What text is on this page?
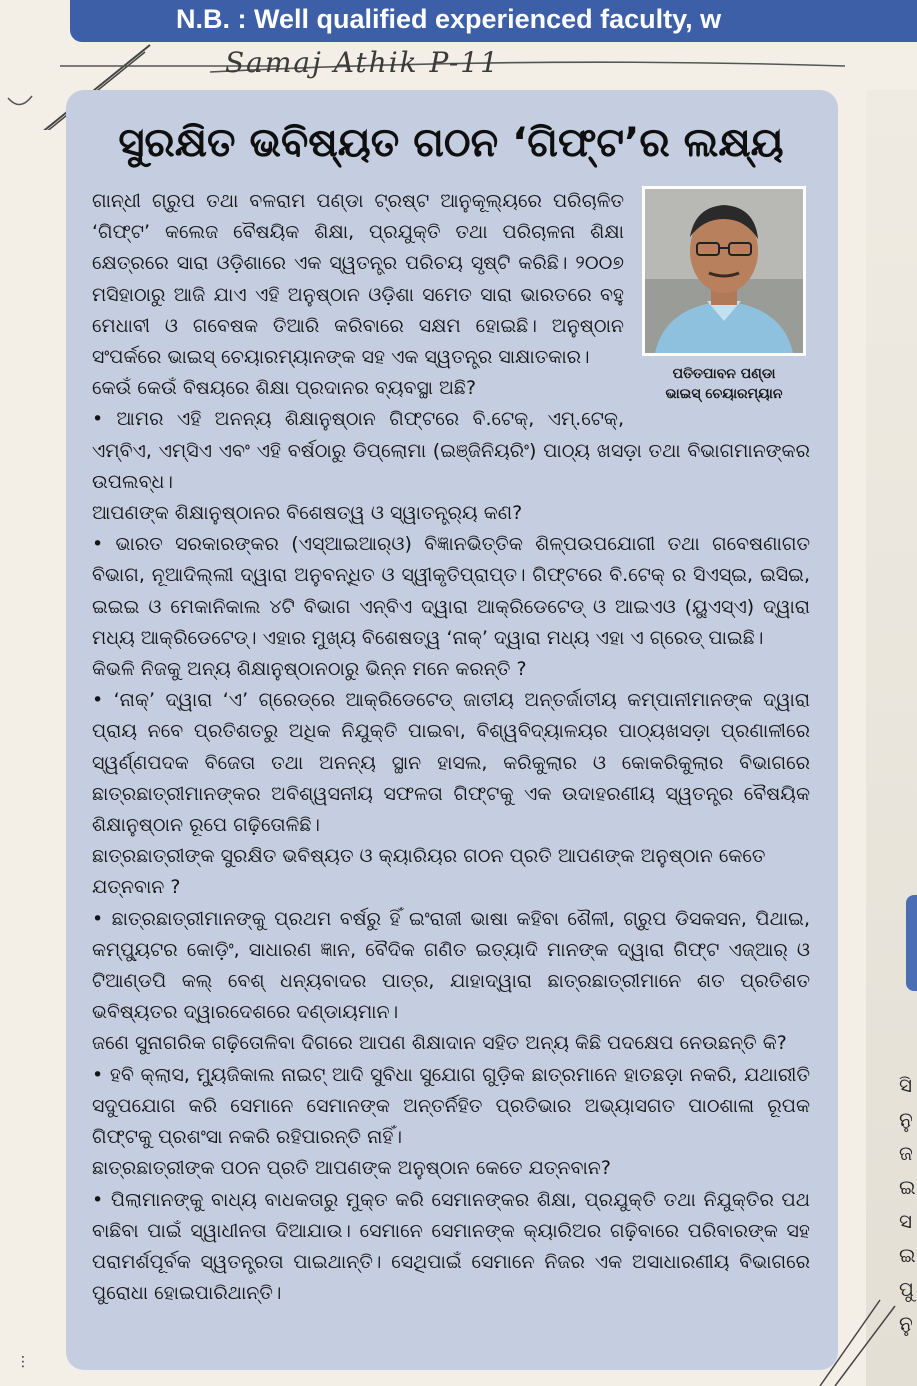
N.B. : Well qualified experienced faculty, w
Samaj Athik P-11
ସି
ନୁ
ଜ
ଇ
ସ
ଇ
ପୁ
ନୁ
ସୁରକ୍ଷିତ ଭବିଷ୍ୟତ ଗଠନ ‘ଗିଫ୍ଟ’ର ଲକ୍ଷ୍ୟ
ପତିତପାବନ ପଣ୍ଡା
ଭାଇସ୍ ଚେୟାରମ୍ୟାନ

ଗାନ୍ଧୀ ଗ୍ରୁପ ତଥା ବଳରାମ ପଣ୍ଡା ଟ୍ରଷ୍ଟ ଆନୁକୂଲ୍ୟରେ ପରିଚାଳିତ ‘ଗିଫ୍ଟ’ କଲେଜ ବୈଷୟିକ ଶିକ୍ଷା, ପ୍ରଯୁକ୍ତି ତଥା ପରିଚାଳନା ଶିକ୍ଷା କ୍ଷେତ୍ରରେ ସାରା ଓଡ଼ିଶାରେ ଏକ ସ୍ୱତନ୍ତ୍ର ପରିଚୟ ସୃଷ୍ଟି କରିଛି। ୨୦୦୭ ମସିହାଠାରୁ ଆଜି ଯାଏ ଏହି ଅନୁଷ୍ଠାନ ଓଡ଼ିଶା ସମେତ ସାରା ଭାରତରେ ବହୁ ମେଧାବୀ ଓ ଗବେଷକ ତିଆରି କରିବାରେ ସକ୍ଷମ ହୋଇଛି। ଅନୁଷ୍ଠାନ ସଂପର୍କରେ ଭାଇସ୍ ଚେୟାରମ୍ୟାନଙ୍କ ସହ ଏକ ସ୍ୱତନ୍ତ୍ର ସାକ୍ଷାତକାର।

କେଉଁ କେଉଁ ବିଷୟରେ ଶିକ୍ଷା ପ୍ରଦାନର ବ୍ୟବସ୍ଥା ଅଛି?

• ଆମର ଏହି ଅନନ୍ୟ ଶିକ୍ଷାନୁଷ୍ଠାନ ଗିଫ୍ଟରେ ବି.ଟେକ୍, ଏମ୍.ଟେକ୍, ଏମ୍‌ବିଏ, ଏମ୍‌ସିଏ ଏବଂ ଏହି ବର୍ଷଠାରୁ ଡିପ୍ଲୋମା (ଇଞ୍ଜିନିୟରିଂ) ପାଠ୍ୟ ଖସଡ଼ା ତଥା ବିଭାଗମାନଙ୍କର ଉପଲବ୍ଧ।

ଆପଣଙ୍କ ଶିକ୍ଷାନୁଷ୍ଠାନର ବିଶେଷତ୍ୱ ଓ ସ୍ୱାତନ୍ତ୍ର୍ୟ କଣ?

• ଭାରତ ସରକାରଙ୍କର (ଏସ୍‌ଆଇଆର୍‌ଓ) ବିଜ୍ଞାନଭିତ୍ତିକ ଶିଳ୍ପଉପଯୋଗୀ ତଥା ଗବେଷଣାଗତ ବିଭାଗ, ନୂଆଦିଲ୍ଲୀ ଦ୍ୱାରା ଅନୁବନ୍ଧିତ ଓ ସ୍ୱୀକୃତିପ୍ରାପ୍ତ। ଗିଫ୍ଟରେ ବି.ଟେକ୍ ର ସିଏସ୍‌ଇ, ଇସିଇ, ଇଇଇ ଓ ମେକାନିକାଲ ୪ଟି ବିଭାଗ ଏନ୍‌ବିଏ ଦ୍ୱାରା ଆକ୍ରିଡେଟେଡ୍ ଓ ଆଇଏଓ (ୟୁଏସ୍‌ଏ) ଦ୍ୱାରା ମଧ୍ୟ ଆକ୍ରିଡେଟେଡ୍। ଏହାର ମୁଖ୍ୟ ବିଶେଷତ୍ୱ ‘ନାକ୍’ ଦ୍ୱାରା ମଧ୍ୟ ଏହା ଏ ଗ୍ରେଡ୍ ପାଇଛି।

କିଭଳି ନିଜକୁ ଅନ୍ୟ ଶିକ୍ଷାନୁଷ୍ଠାନଠାରୁ ଭିନ୍ନ ମନେ କରନ୍ତି ?

• ‘ନାକ୍’ ଦ୍ୱାରା ‘ଏ’ ଗ୍ରେଡ୍‌ରେ ଆକ୍ରିଡେଟେଡ୍ ଜାତୀୟ ଅନ୍ତର୍ଜାତୀୟ କମ୍ପାନୀମାନଙ୍କ ଦ୍ୱାରା ପ୍ରାୟ ନବେ ପ୍ରତିଶତରୁ ଅଧିକ ନିଯୁକ୍ତି ପାଇବା, ବିଶ୍ୱବିଦ୍ୟାଳୟର ପାଠ୍ୟଖସଡ଼ା ପ୍ରଣାଳୀରେ ସ୍ୱର୍ଣ୍ଣପଦକ ବିଜେତା ତଥା ଅନନ୍ୟ ସ୍ଥାନ ହାସଲ, କରିକୁଲାର ଓ କୋକରିକୁଲାର ବିଭାଗରେ ଛାତ୍ରଛାତ୍ରୀମାନଙ୍କର ଅବିଶ୍ୱସନୀୟ ସଫଳତା ଗିଫ୍ଟକୁ ଏକ ଉଦାହରଣୀୟ ସ୍ୱତନ୍ତ୍ର ବୈଷୟିକ ଶିକ୍ଷାନୁଷ୍ଠାନ ରୂପେ ଗଢ଼ିତୋଳିଛି।

ଛାତ୍ରଛାତ୍ରୀଙ୍କ ସୁରକ୍ଷିତ ଭବିଷ୍ୟତ ଓ କ୍ୟାରିୟର ଗଠନ ପ୍ରତି ଆପଣଙ୍କ ଅନୁଷ୍ଠାନ କେତେ ଯତ୍ନବାନ ?

• ଛାତ୍ରଛାତ୍ରୀମାନଙ୍କୁ ପ୍ରଥମ ବର୍ଷରୁ ହିଁ ଇଂରାଜୀ ଭାଷା କହିବା ଶୈଳୀ, ଗ୍ରୁପ ଡିସକସନ, ପିଥାଇ, କମ୍ପ୍ୟୁଟର କୋଡ଼ିଂ, ସାଧାରଣ ଜ୍ଞାନ, ବୈଦିକ ଗଣିତ ଇତ୍ୟାଦି ମାନଙ୍କ ଦ୍ୱାରା ଗିଫ୍ଟ ଏଜ୍‌ଆର୍ ଓ ଟିଆଣ୍ଡପି କଲ୍ ବେଶ୍ ଧନ୍ୟବାଦର ପାତ୍ର, ଯାହାଦ୍ୱାରା ଛାତ୍ରଛାତ୍ରୀମାନେ ଶତ ପ୍ରତିଶତ ଭବିଷ୍ୟତର ଦ୍ୱାରଦେଶରେ ଦଣ୍ଡାୟମାନ।

ଜଣେ ସୁନାଗରିକ ଗଢ଼ିତୋଳିବା ଦିଗରେ ଆପଣ ଶିକ୍ଷାଦାନ ସହିତ ଅନ୍ୟ କିଛି ପଦକ୍ଷେପ ନେଉଛନ୍ତି କି?

• ହବି କ୍ଲାସ, ମ୍ୟୁଜିକାଲ ନାଇଟ୍ ଆଦି ସୁବିଧା ସୁଯୋଗ ଗୁଡ଼ିକ ଛାତ୍ରମାନେ ହାତଛଡ଼ା ନକରି, ଯଥାରୀତି ସଦୁପଯୋଗ କରି ସେମାନେ ସେମାନଙ୍କ ଅନ୍ତର୍ନିହିତ ପ୍ରତିଭାର ଅଭ୍ୟାସଗତ ପାଠଶାଳା ରୂପକ ଗିଫ୍ଟକୁ ପ୍ରଶଂସା ନକରି ରହିପାରନ୍ତି ନାହିଁ।

ଛାତ୍ରଛାତ୍ରୀଙ୍କ ପଠନ ପ୍ରତି ଆପଣଙ୍କ ଅନୁଷ୍ଠାନ କେତେ ଯତ୍ନବାନ?

• ପିଲାମାନଙ୍କୁ ବାଧ୍ୟ ବାଧକତାରୁ ମୁକ୍ତ କରି ସେମାନଙ୍କର ଶିକ୍ଷା, ପ୍ରଯୁକ୍ତି ତଥା ନିଯୁକ୍ତିର ପଥ ବାଛିବା ପାଇଁ ସ୍ୱାଧୀନତା ଦିଆଯାଉ। ସେମାନେ ସେମାନଙ୍କ କ୍ୟାରିଅର ଗଢ଼ିବାରେ ପରିବାରଙ୍କ ସହ ପରାମର୍ଶପୂର୍ବକ ସ୍ୱତନ୍ତ୍ରତା ପାଇଥାନ୍ତି। ସେଥିପାଇଁ ସେମାନେ ନିଜର ଏକ ଅସାଧାରଣୀୟ ବିଭାଗରେ ପୁରୋଧା ହୋଇପାରିଥାନ୍ତି।

⋮
